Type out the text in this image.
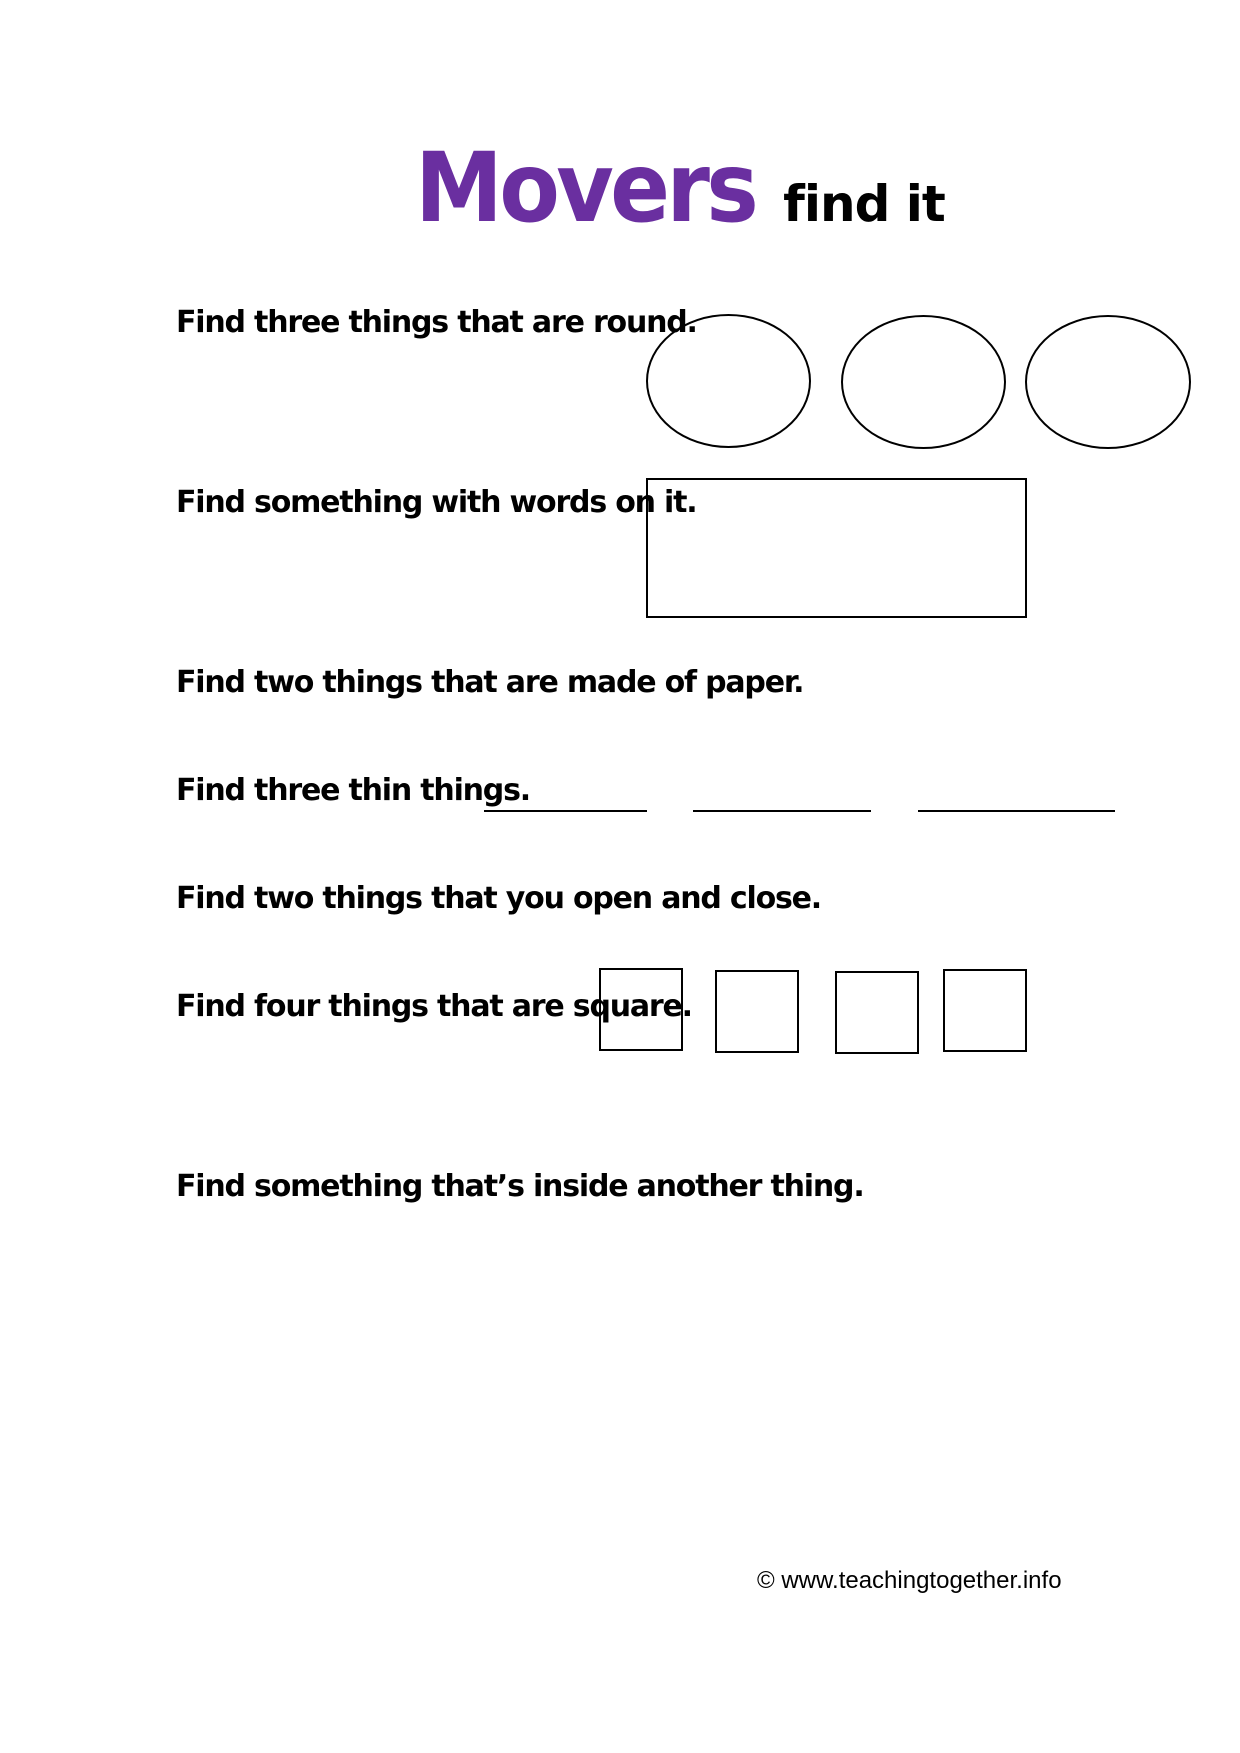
Movers find it
Find three things that are round.
Find something with words on it.
Find two things that are made of paper.
Find three thin things.
Find two things that you open and close.
Find four things that are square.
Find something that’s inside another thing.
© www.teachingtogether.info
